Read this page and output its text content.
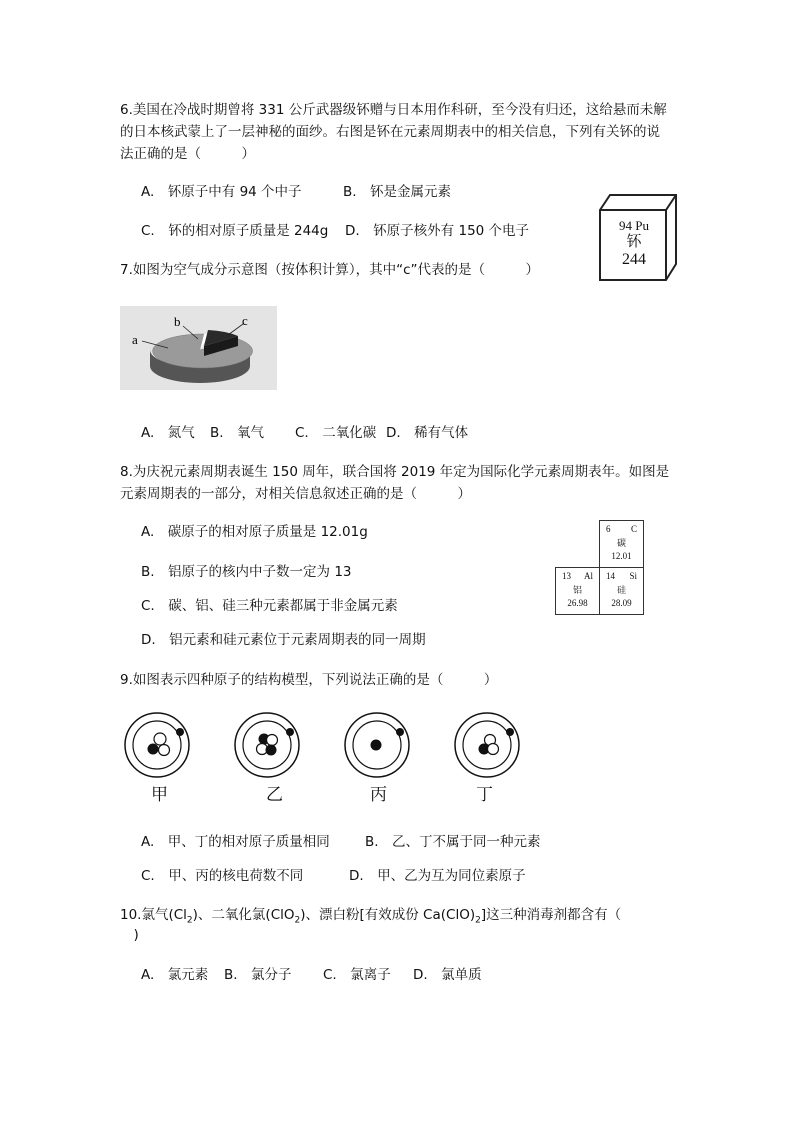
6.美国在冷战时期曾将 331 公斤武器级钚赠与日本用作科研，至今没有归还，这给悬而未解
的日本核武蒙上了一层神秘的面纱。右图是钚在元素周期表中的相关信息，下列有关钚的说
法正确的是（　　　）
A.　钚原子中有 94 个中子	B.　钚是金属元素
C.　钚的相对原子质量是 244g D.　钚原子核外有 150 个电子	94 Pu
钚
244
7.如图为空气成分示意图（按体积计算），其中“c”代表的是（　　　）
a
b	c
A.　氮气 B.　氧气 C.　二氧化碳 D.　稀有气体
8.为庆祝元素周期表诞生 150 周年，联合国将 2019 年定为国际化学元素周期表年。如图是
元素周期表的一部分，对相关信息叙述正确的是（　　　）
A.　碳原子的相对原子质量是 12.01g
B.　铝原子的核内中子数一定为 13
C.　碳、铝、硅三种元素都属于非金属元素
D.　铝元素和硅元素位于元素周期表的同一周期
6 C
碳
12.01
13 Al
铝
26.98
14 Si
硅
28.09
9.如图表示四种原子的结构模型，下列说法正确的是（　　　）
甲	乙	丙	丁
A.　甲、丁的相对原子质量相同	B.　乙、丁不属于同一种元素
C.　甲、丙的核电荷数不同	D.　甲、乙为互为同位素原子
10.氯气$(Cl_2)$、二氧化氯(ClO$_2$)、漂白粉[有效成份 $Ca(ClO)_2$]这三种消毒剂都含有（
　)
A.　氯元素 B.　氯分子 C.　氯离子 D.　氯单质
